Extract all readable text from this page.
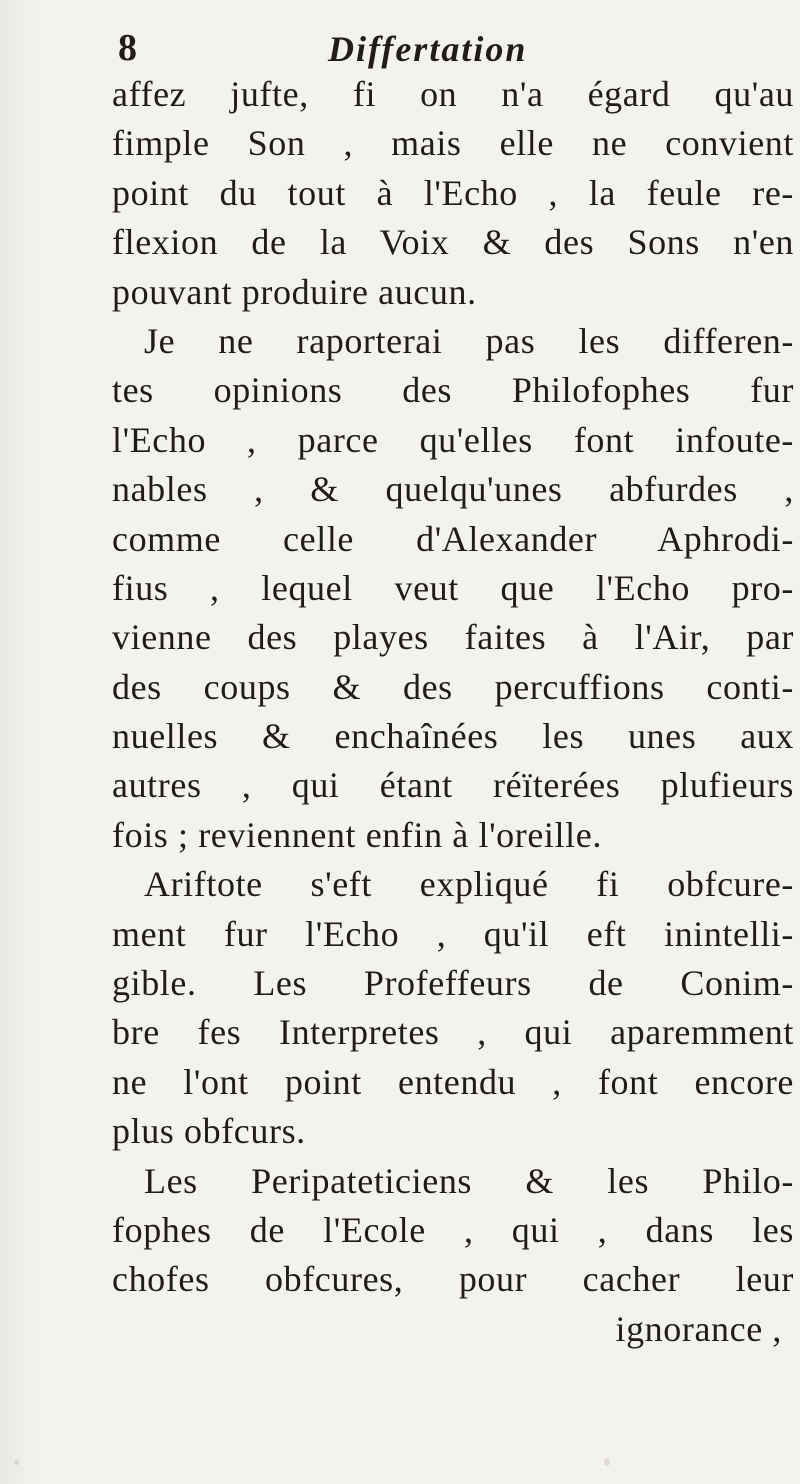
8	Differtation
affez jufte, fi on n'a égard qu'au
fimple Son , mais elle ne convient
point du tout à l'Echo , la feule re-
flexion de la Voix & des Sons n'en
pouvant produire aucun.
Je ne raporterai pas les differen-
tes opinions des Philofophes fur
l'Echo , parce qu'elles font infoute-
nables , & quelqu'unes abfurdes ,
comme celle d'Alexander Aphrodi-
fius , lequel veut que l'Echo pro-
vienne des playes faites à l'Air, par
des coups & des percuffions conti-
nuelles & enchaînées les unes aux
autres , qui étant réïterées plufieurs
fois ; reviennent enfin à l'oreille.
Ariftote s'eft expliqué fi obfcure-
ment fur l'Echo , qu'il eft inintelli-
gible. Les Profeffeurs de Conim-
bre fes Interpretes , qui aparemment
ne l'ont point entendu , font encore
plus obfcurs.
Les Peripateticiens & les Philo-
fophes de l'Ecole , qui , dans les
chofes obfcures, pour cacher leur
ignorance ,
